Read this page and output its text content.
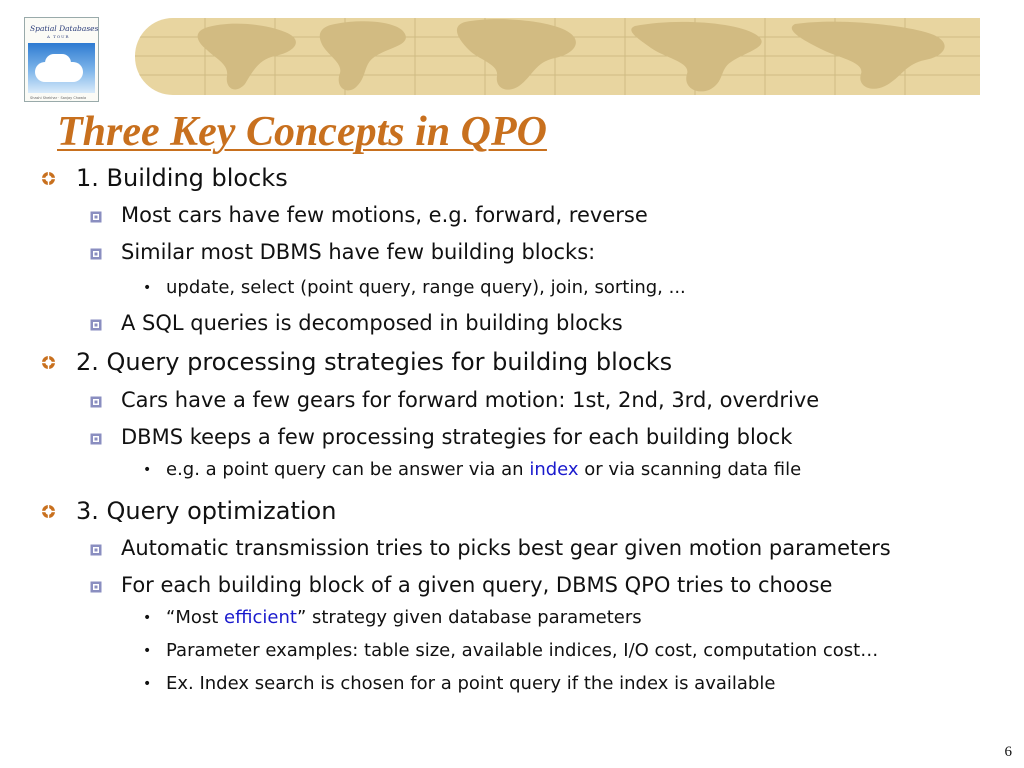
Spatial Databases
A TOUR
Shashi Shekhar · Sanjay Chawla
Three Key Concepts in QPO
1. Building blocks
Most cars have few motions, e.g. forward, reverse
Similar most DBMS have few building blocks:
• update, select (point query, range query), join, sorting, ...
A SQL queries is decomposed in building blocks
2. Query processing strategies for building blocks
Cars have a few gears for forward motion: 1st, 2nd, 3rd, overdrive
DBMS keeps a few processing strategies for each building block
• e.g. a point query can be answer via an index or via scanning data file
3. Query optimization
Automatic transmission tries to picks best gear given motion parameters
For each building block of a given query, DBMS QPO tries to choose
• “Most efficient” strategy given database parameters
• Parameter examples: table size, available indices, I/O cost, computation cost…
• Ex. Index search is chosen for a point query if the index is available
6
